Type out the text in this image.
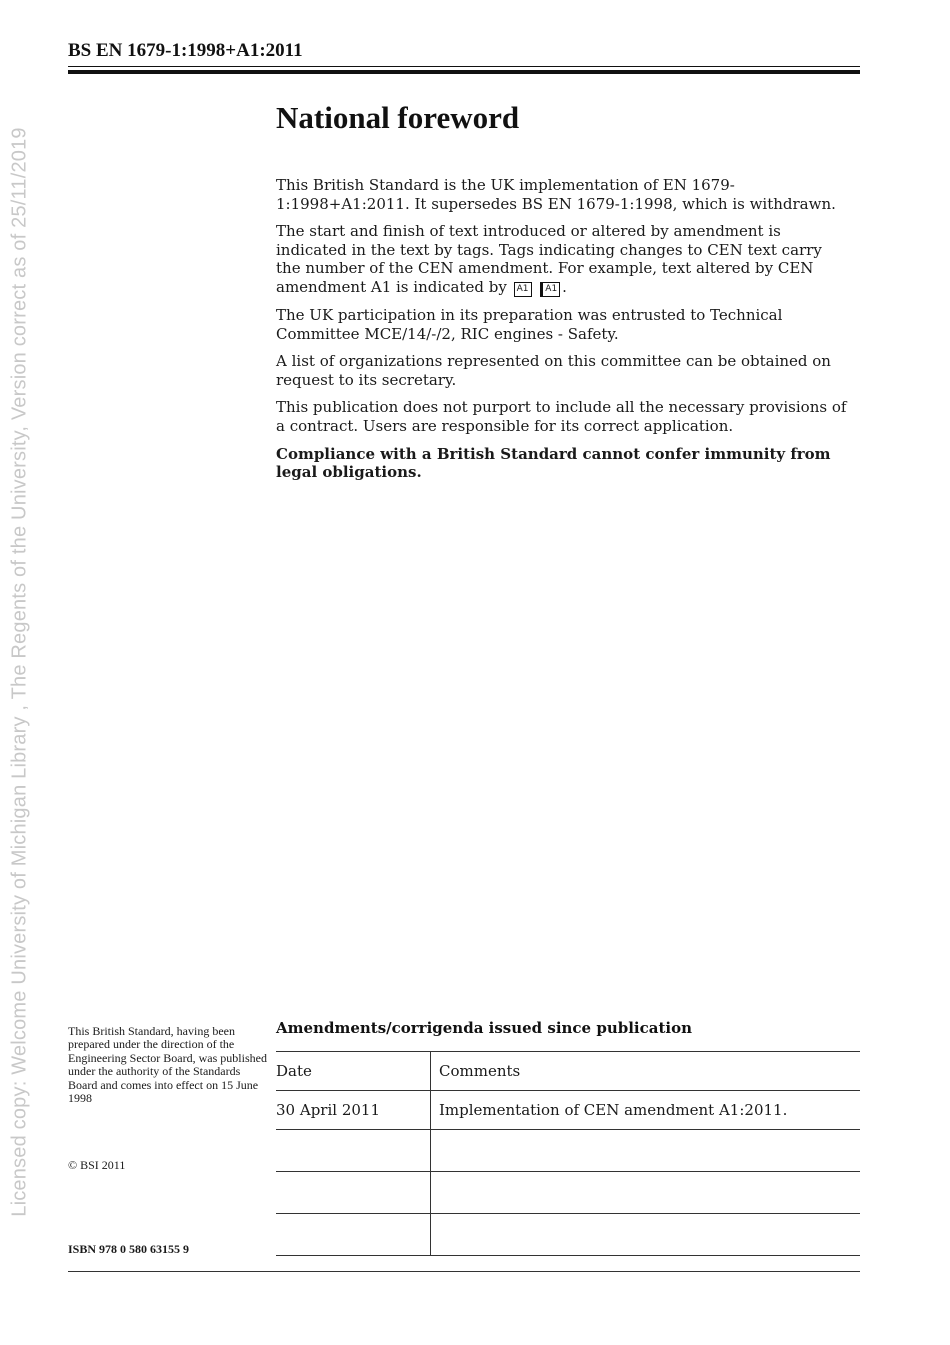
Licensed copy: Welcome University of Michigan Library , The Regents of the University, Version correct as of 25/11/2019
BS EN 1679-1:1998+A1:2011
National foreword

This British Standard is the UK implementation of EN 1679-1:1998+A1:2011. It supersedes BS EN 1679-1:1998, which is withdrawn.

The start and finish of text introduced or altered by amendment is indicated in the text by tags. Tags indicating changes to CEN text carry the number of the CEN amendment. For example, text altered by CEN amendment A1 is indicated by A1 A1 .

The UK participation in its preparation was entrusted to Technical Committee MCE/14/-/2, RIC engines - Safety.

A list of organizations represented on this committee can be obtained on request to its secretary.

This publication does not purport to include all the necessary provisions of a contract. Users are responsible for its correct application.

Compliance with a British Standard cannot confer immunity from legal obligations.

This British Standard, having been prepared under the direction of the Engineering Sector Board, was published under the authority of the Standards Board and comes into effect on 15 June 1998
© BSI 2011
ISBN 978 0 580 63155 9
Amendments/corrigenda issued since publication
Date	Comments
30 April 2011	Implementation of CEN amendment A1:2011.
